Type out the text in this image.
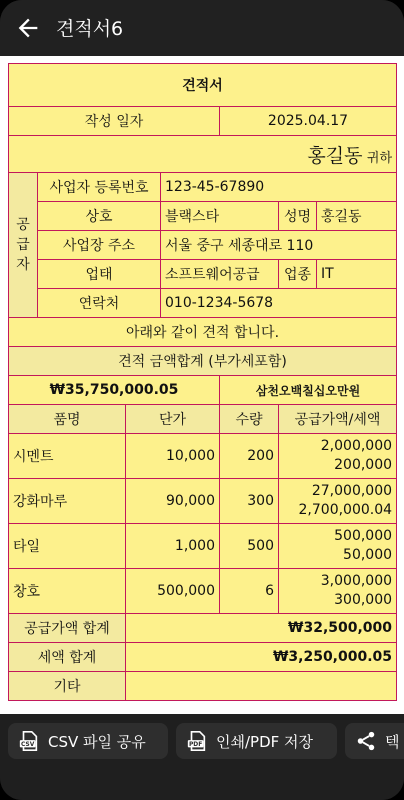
견적서6
견적서						
작성 일자				2025.04.17		
홍길동 귀하						
공
급
자	사업자 등록번호		123-45-67890			
	상호		블랙스타		성명	홍길동
	사업장 주소		서울 중구 세종대로 110			
	업태		소프트웨어공급		업종	IT
	연락처		010-1234-5678			
아래와 같이 견적 합니다.						
견적 금액합계 (부가세포함)						
₩35,750,000.05				삼천오백칠십오만원		
품명		단가		수량	공급가액/세액	
시멘트		10,000		200	2,000,000
200,000	

강화마루		90,000		300	27,000,000
2,700,000.04	

타일		1,000		500	500,000
50,000	

창호		500,000		6	3,000,000
300,000	

공급가액 합계		₩32,500,000				
세액 합계		₩3,250,000.05				
기타						
CSV CSV 파일 공유	PDF 인쇄/PDF 저장	텍
